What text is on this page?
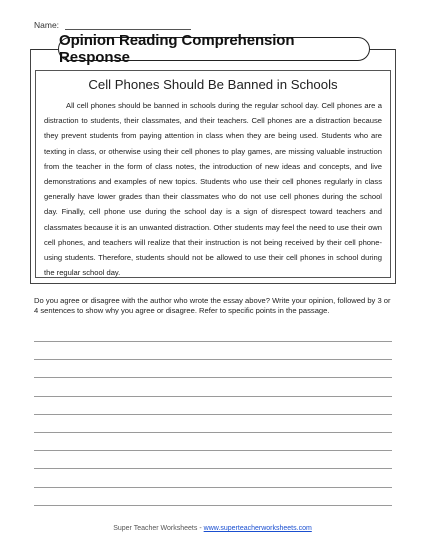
Name:
Opinion Reading Comprehension Response

Cell Phones Should Be Banned in Schools

All cell phones should be banned in schools during the regular school day. Cell phones are a distraction to students, their classmates, and their teachers. Cell phones are a distraction because they prevent students from paying attention in class when they are being used. Students who are texting in class, or otherwise using their cell phones to play games, are missing valuable instruction from the teacher in the form of class notes, the introduction of new ideas and concepts, and live demonstrations and examples of new topics. Students who use their cell phones regularly in class generally have lower grades than their classmates who do not use cell phones during the school day. Finally, cell phone use during the school day is a sign of disrespect toward teachers and classmates because it is an unwanted distraction. Other students may feel the need to use their own cell phones, and teachers will realize that their instruction is not being received by their cell phone-using students. Therefore, students should not be allowed to use their cell phones in school during the regular school day.

Do you agree or disagree with the author who wrote the essay above? Write your opinion, followed by 3 or 4 sentences to show why you agree or disagree. Refer to specific points in the passage.

Super Teacher Worksheets - www.superteacherworksheets.com
